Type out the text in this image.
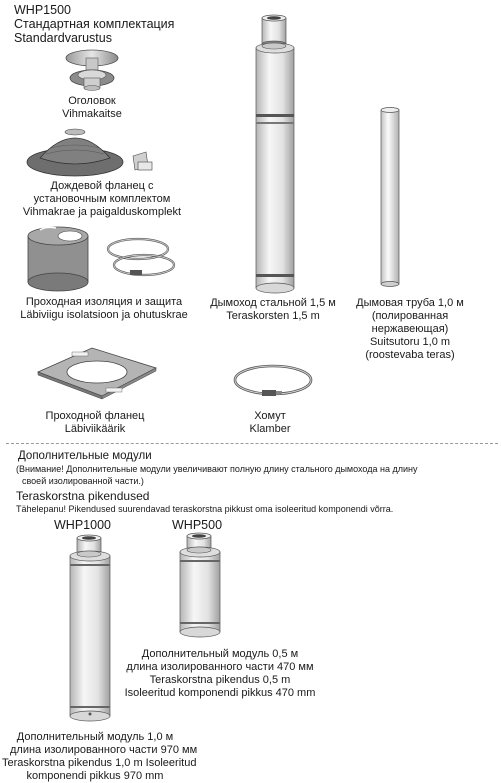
WHP1500
Стандартная комплектация
Standardvarustus
Оголовок
Vihmakaitse
Дождевой фланец с
установочным комплектом
Vihmakrae ja paigalduskomplekt
Проходная изоляция и защита
Läbiviigu isolatsioon ja ohutuskrae
Дымоход стальной 1,5 м
Teraskorsten 1,5 m
Дымовая труба 1,0 м
(полированная
нержавеющая)
Suitsutoru 1,0 m
(roostevaba teras)
Проходной фланец
Läbiviikäärik
Хомут
Klamber
Дополнительные модули
(Внимание! Дополнительные модули увеличивают полную длину стального дымохода на длину
своей изолированной части.)
Teraskorstna pikendused
Tähelepanu! Pikendused suurendavad teraskorstna pikkust oma isoleeritud komponendi võrra.
WHP1000
Дополнительный модуль 1,0 м
длина изолированного части 970 мм
Teraskorstna pikendus 1,0 m Isoleeritud
komponendi pikkus 970 mm
WHP500
Дополнительный модуль 0,5 м
длина изолированного части 470 мм
Teraskorstna pikendus 0,5 m
Isoleeritud komponendi pikkus 470 mm
